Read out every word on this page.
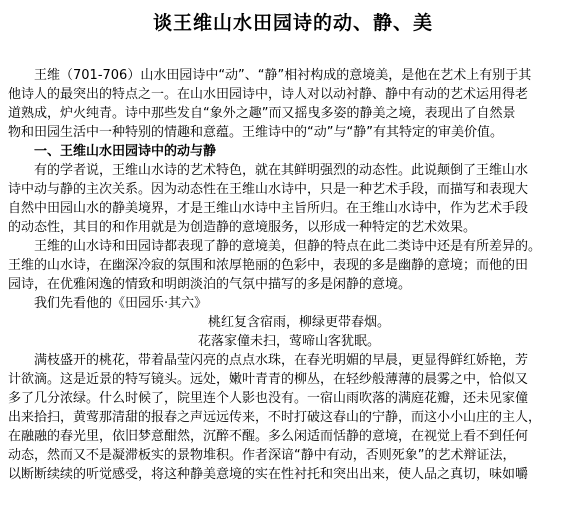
谈王维山水田园诗的动、静、美
王维（701-706）山水田园诗中“动”、“静”相衬构成的意境美，是他在艺术上有别于其
他诗人的最突出的特点之一。在山水田园诗中，诗人对以动衬静、静中有动的艺术运用得老
道熟成，炉火纯青。诗中那些发自“象外之趣”而又摇曳多姿的静美之境，表现出了自然景
物和田园生活中一种特别的情趣和意蕴。王维诗中的“动”与“静”有其特定的审美价值。
一、王维山水田园诗中的动与静
有的学者说，王维山水诗的艺术特色，就在其鲜明强烈的动态性。此说颠倒了王维山水
诗中动与静的主次关系。因为动态性在王维山水诗中，只是一种艺术手段，而描写和表现大
自然中田园山水的静美境界，才是王维山水诗中主旨所归。在王维山水诗中，作为艺术手段
的动态性，其目的和作用就是为创造静的意境服务，以形成一种特定的艺术效果。
王维的山水诗和田园诗都表现了静的意境美，但静的特点在此二类诗中还是有所差异的。
王维的山水诗，在幽深冷寂的氛围和浓厚艳丽的色彩中，表现的多是幽静的意境；而他的田
园诗，在优雅闲逸的情致和明朗淡泊的气氛中描写的多是闲静的意境。
我们先看他的《田园乐·其六》
桃红复含宿雨，柳绿更带春烟。
花落家僮未扫，莺啼山客犹眠。
满枝盛开的桃花，带着晶莹闪亮的点点水珠，在春光明媚的早晨，更显得鲜红娇艳，芳
计欲滴。这是近景的特写镜头。远处，嫩叶青青的柳丛，在轻纱般薄薄的晨雾之中，恰似又
多了几分浓绿。什么时候了，院里连个人影也没有。一宿山雨吹落的满庭花瓣，还未见家僮
出来拾扫，黄莺那清甜的报春之声远远传来，不时打破这春山的宁静，而这小小山庄的主人，
在融融的春光里，依旧梦意酣然，沉醉不醒。多么闲适而恬静的意境，在视觉上看不到任何
动态，然而又不是凝滞板实的景物堆积。作者深谙“静中有动，否则死象”的艺术辩证法，
以断断续续的听觉感受，将这种静美意境的实在性衬托和突出出来，使人品之真切，味如嚼
